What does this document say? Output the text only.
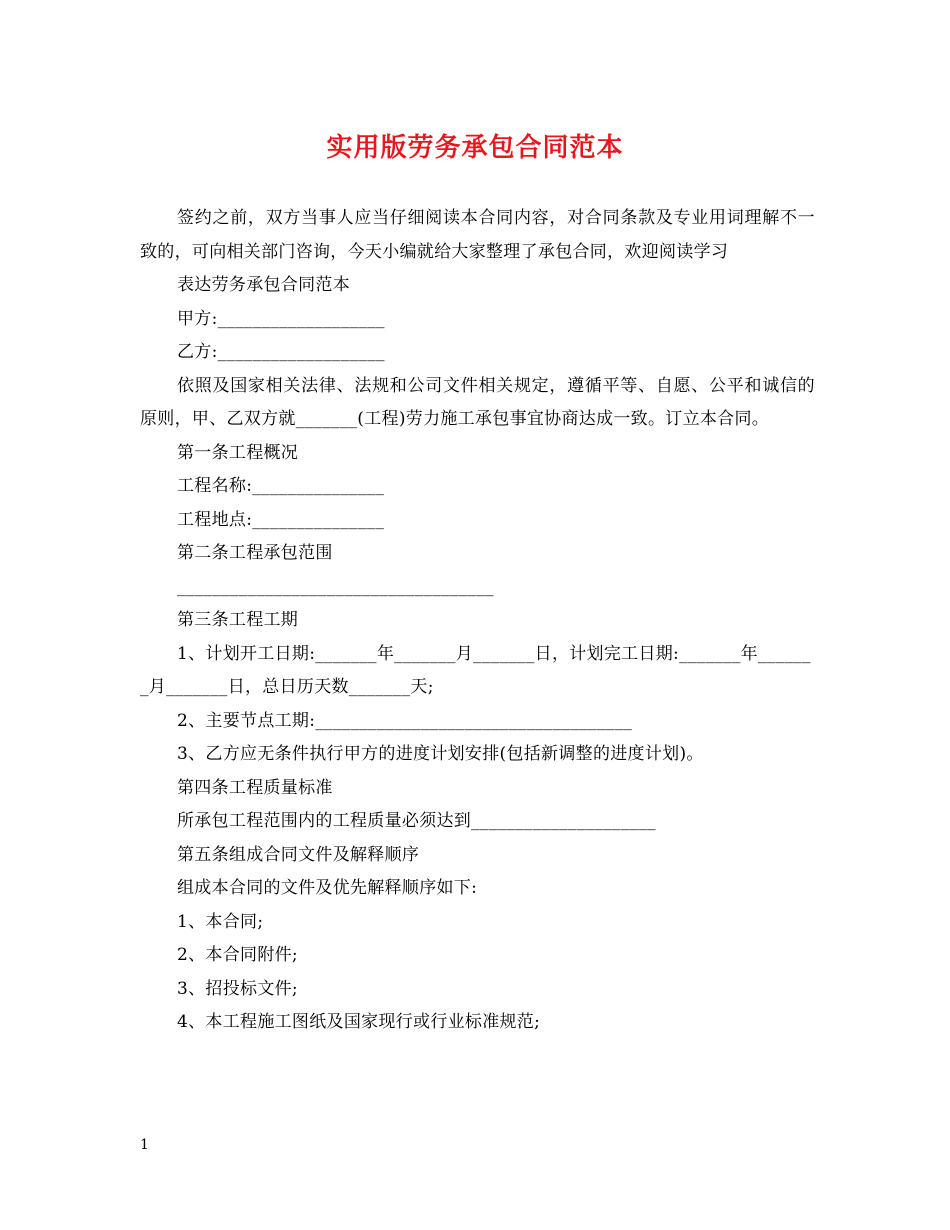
实用版劳务承包合同范本

签约之前，双方当事人应当仔细阅读本合同内容，对合同条款及专业用词理解不一致的，可向相关部门咨询，今天小编就给大家整理了承包合同，欢迎阅读学习

表达劳务承包合同范本

甲方:___________________

乙方:___________________

依照及国家相关法律、法规和公司文件相关规定，遵循平等、自愿、公平和诚信的原则，甲、乙双方就_______(工程)劳力施工承包事宜协商达成一致。订立本合同。

第一条工程概况

工程名称:_______________

工程地点:_______________

第二条工程承包范围

____________________________________

第三条工程工期

1、计划开工日期:_______年_______月_______日，计划完工日期:_______年_______月_______日，总日历天数_______天;

2、主要节点工期:____________________________________

3、乙方应无条件执行甲方的进度计划安排(包括新调整的进度计划)。

第四条工程质量标准

所承包工程范围内的工程质量必须达到_____________________

第五条组成合同文件及解释顺序

组成本合同的文件及优先解释顺序如下:

1、本合同;

2、本合同附件;

3、招投标文件;

4、本工程施工图纸及国家现行或行业标准规范;

1
